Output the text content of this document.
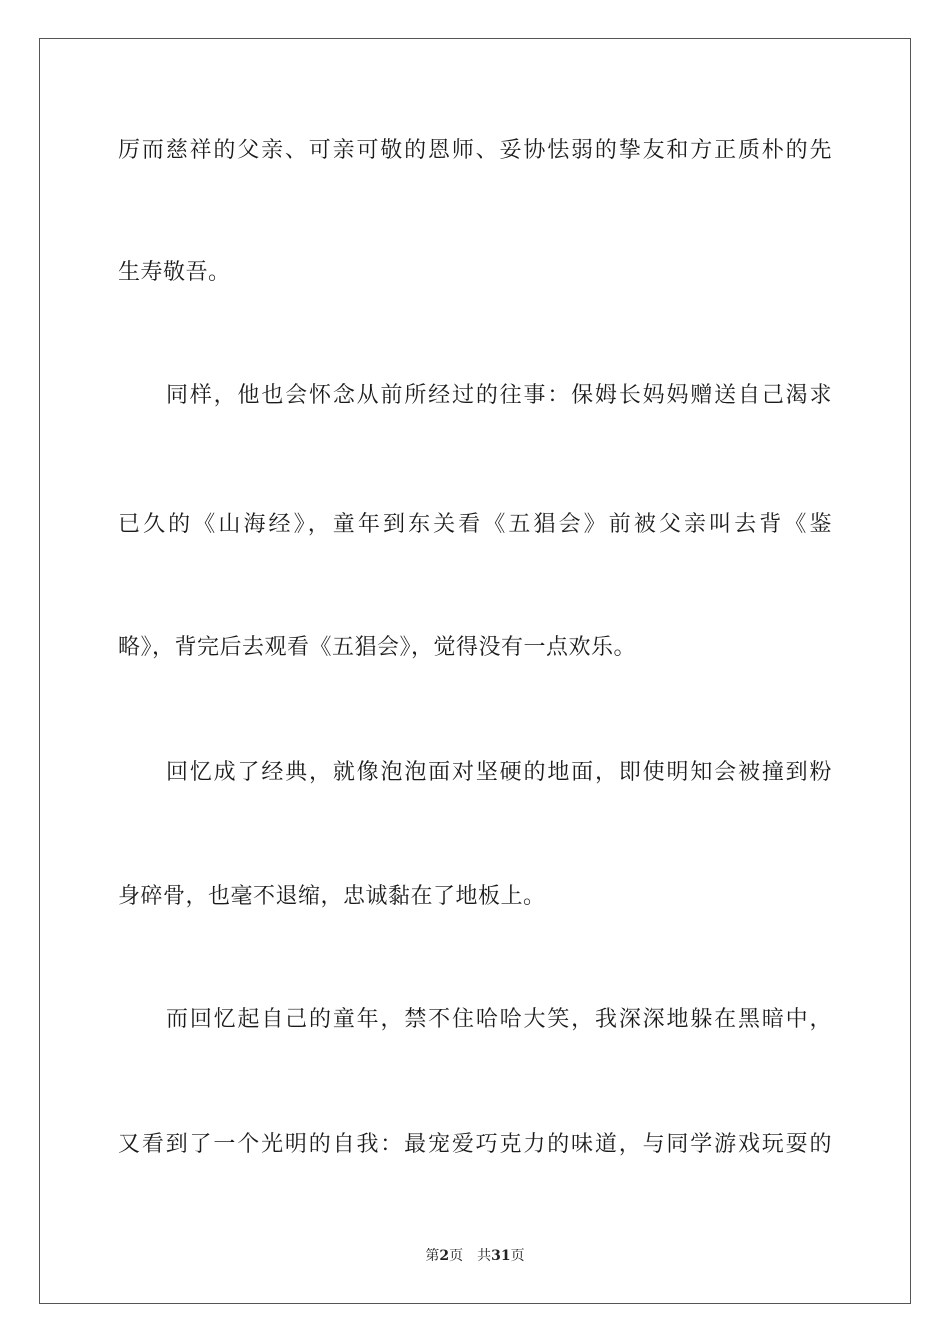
厉而慈祥的父亲、可亲可敬的恩师、妥协怯弱的挚友和方正质朴的先
生寿敬吾。
同样，他也会怀念从前所经过的往事：保姆长妈妈赠送自己渴求
已久的《山海经》，童年到东关看《五猖会》前被父亲叫去背《鉴
略》，背完后去观看《五猖会》，觉得没有一点欢乐。
回忆成了经典，就像泡泡面对坚硬的地面，即使明知会被撞到粉
身碎骨，也毫不退缩，忠诚黏在了地板上。
而回忆起自己的童年，禁不住哈哈大笑，我深深地躲在黑暗中，
又看到了一个光明的自我：最宠爱巧克力的味道，与同学游戏玩耍的
第2页 共31页
